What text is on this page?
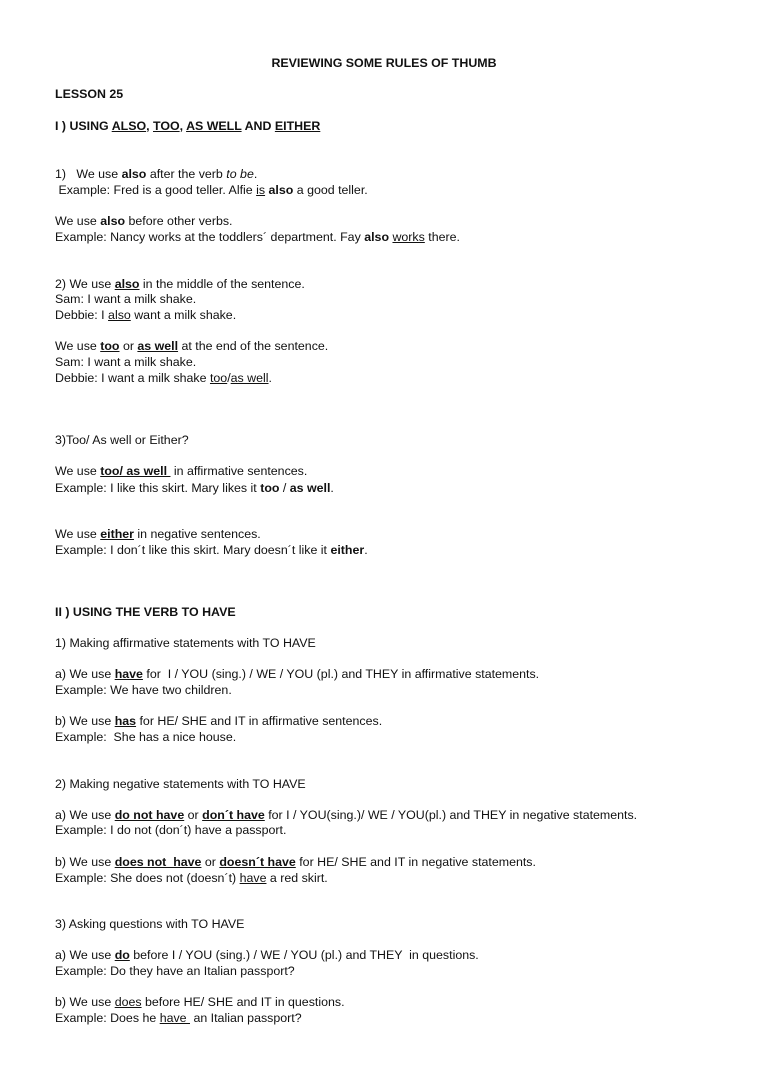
REVIEWING SOME RULES OF THUMB
LESSON 25
I ) USING ALSO, TOO, AS WELL AND EITHER
1)   We use also after the verb to be.
Example: Fred is a good teller. Alfie is also a good teller.
We use also before other verbs.
Example: Nancy works at the toddlers´ department. Fay also works there.
2) We use also in the middle of the sentence.
Sam: I want a milk shake.
Debbie: I also want a milk shake.
We use too or as well at the end of the sentence.
Sam: I want a milk shake.
Debbie: I want a milk shake too/as well.
3)Too/ As well or Either?
We use too/ as well  in affirmative sentences.
Example: I like this skirt. Mary likes it too / as well.
We use either in negative sentences.
Example: I don´t like this skirt. Mary doesn´t like it either.
II ) USING THE VERB TO HAVE
1) Making affirmative statements with TO HAVE
a) We use have for  I / YOU (sing.) / WE / YOU (pl.) and THEY in affirmative statements.
Example: We have two children.
b) We use has for HE/ SHE and IT in affirmative sentences.
Example:  She has a nice house.
2) Making negative statements with TO HAVE
a) We use do not have or don´t have for I / YOU(sing.)/ WE / YOU(pl.) and THEY in negative statements.
Example: I do not (don´t) have a passport.
b) We use does not  have or doesn´t have for HE/ SHE and IT in negative statements.
Example: She does not (doesn´t) have a red skirt.
3) Asking questions with TO HAVE
a) We use do before I / YOU (sing.) / WE / YOU (pl.) and THEY  in questions.
Example: Do they have an Italian passport?
b) We use does before HE/ SHE and IT in questions.
Example: Does he have  an Italian passport?
